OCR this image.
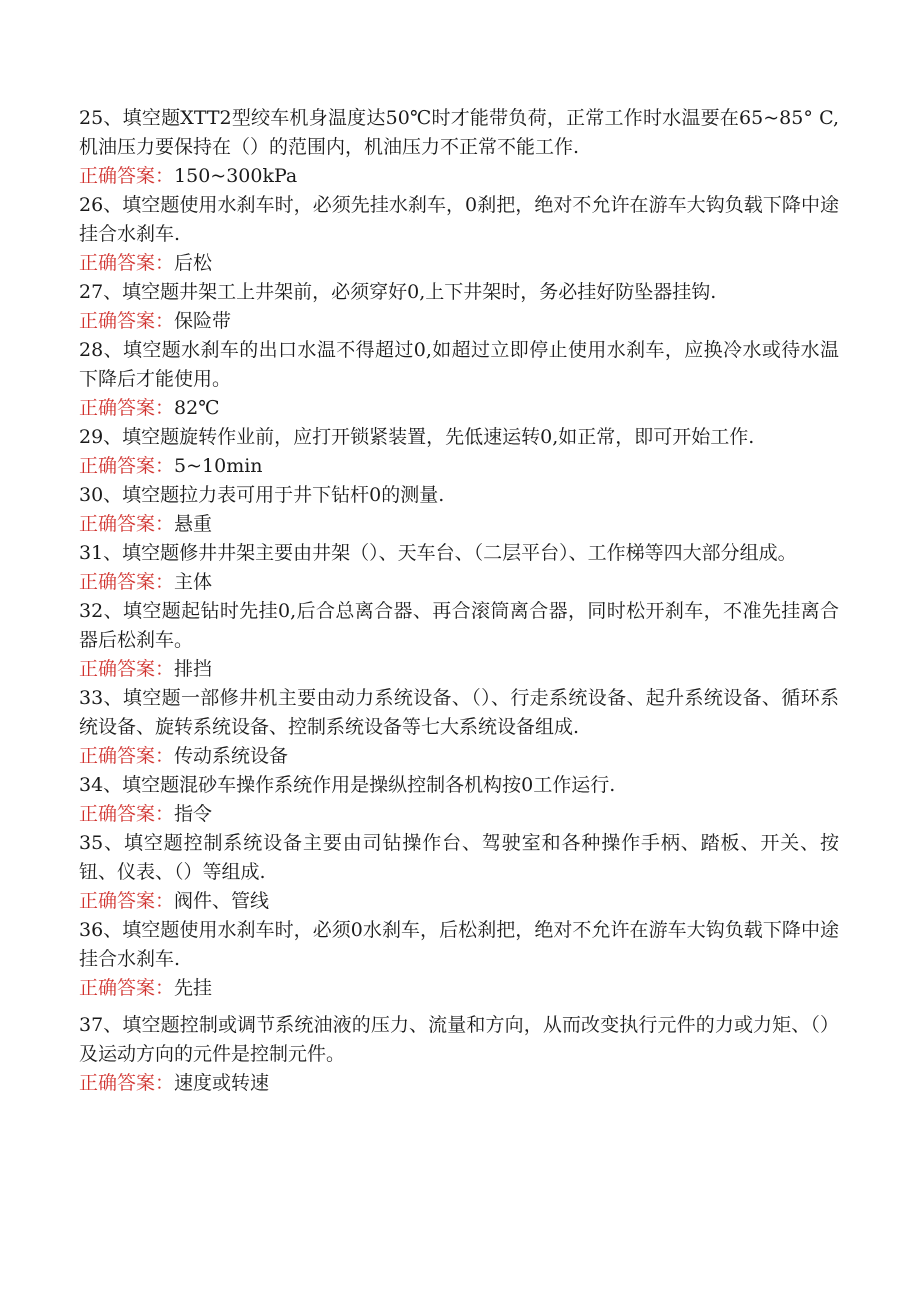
25、填空题XTT2型绞车机身温度达50℃时才能带负荷，正常工作时水温要在65~85° C,机油压力要保持在（）的范围内，机油压力不正常不能工作.

正确答案：150~300kPa

26、填空题使用水刹车时，必须先挂水刹车，0刹把，绝对不允许在游车大钩负载下降中途挂合水刹车.

正确答案：后松

27、填空题井架工上井架前，必须穿好0,上下井架时，务必挂好防坠器挂钩.

正确答案：保险带

28、填空题水刹车的出口水温不得超过0,如超过立即停止使用水刹车，应换冷水或待水温下降后才能使用。

正确答案：82℃

29、填空题旋转作业前，应打开锁紧装置，先低速运转0,如正常，即可开始工作.

正确答案：5~10min

30、填空题拉力表可用于井下钻杆0的测量.

正确答案：悬重

31、填空题修井井架主要由井架（）、天车台、（二层平台）、工作梯等四大部分组成。

正确答案：主体

32、填空题起钻时先挂0,后合总离合器、再合滚筒离合器，同时松开刹车，不准先挂离合器后松刹车。

正确答案：排挡

33、填空题一部修井机主要由动力系统设备、（）、行走系统设备、起升系统设备、循环系统设备、旋转系统设备、控制系统设备等七大系统设备组成.

正确答案：传动系统设备

34、填空题混砂车操作系统作用是操纵控制各机构按0工作运行.

正确答案：指令

35、填空题控制系统设备主要由司钻操作台、驾驶室和各种操作手柄、踏板、开关、按钮、仪表、（）等组成.

正确答案：阀件、管线

36、填空题使用水刹车时，必须0水刹车，后松刹把，绝对不允许在游车大钩负载下降中途挂合水刹车.

正确答案：先挂

37、填空题控制或调节系统油液的压力、流量和方向，从而改变执行元件的力或力矩、（）及运动方向的元件是控制元件。

正确答案：速度或转速
